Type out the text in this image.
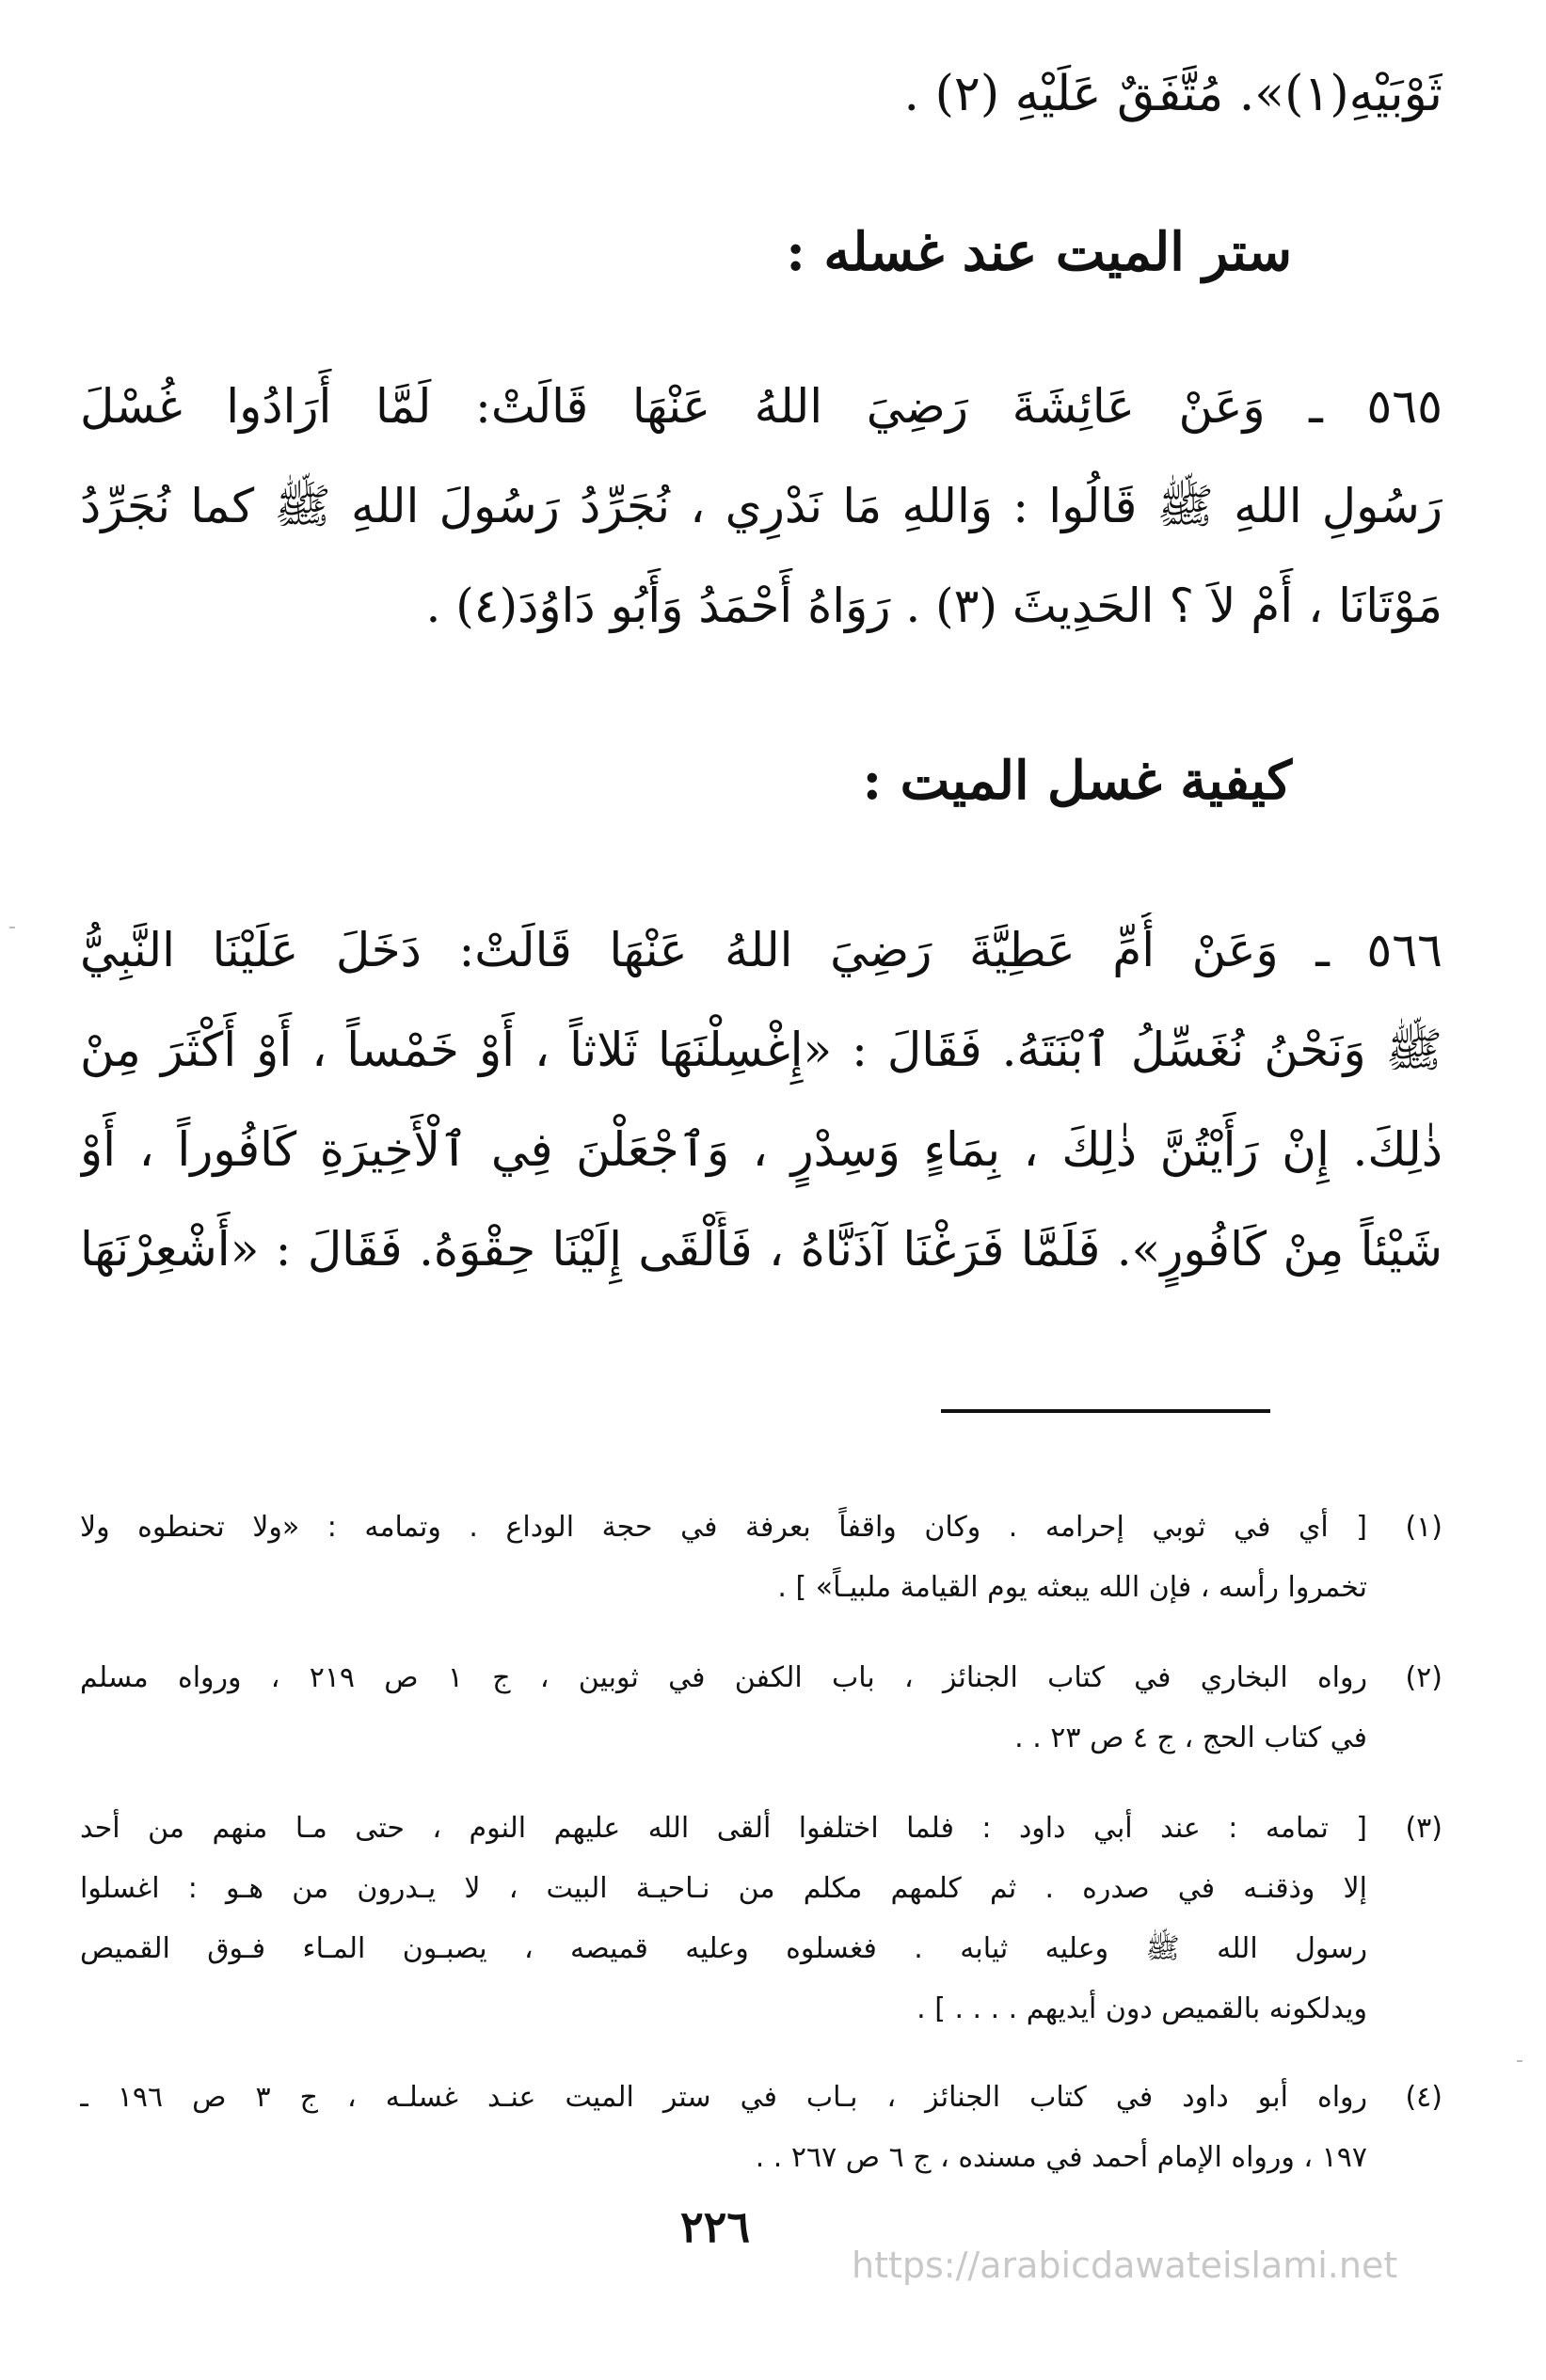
ثَوْبَيْهِ(١)». مُتَّفَقٌ عَلَيْهِ (٢) .
ستر الميت عند غسله :
٥٦٥ ـ وَعَنْ عَائِشَةَ رَضِيَ اللهُ عَنْهَا قَالَتْ: لَمَّا أَرَادُوا غُسْلَ
رَسُولِ اللهِ ﷺ قَالُوا : وَاللهِ مَا نَدْرِي ، نُجَرِّدُ رَسُولَ اللهِ ﷺ كما نُجَرِّدُ
مَوْتَانَا ، أَمْ لاَ ؟ الحَدِيثَ (٣) . رَوَاهُ أَحْمَدُ وَأَبُو دَاوُدَ(٤) .
كيفية غسل الميت :
٥٦٦ ـ وَعَنْ أُمِّ عَطِيَّةَ رَضِيَ اللهُ عَنْهَا قَالَتْ: دَخَلَ عَلَيْنَا النَّبِيُّ
ﷺ وَنَحْنُ نُغَسِّلُ ٱبْنَتَهُ. فَقَالَ : «إِغْسِلْنَهَا ثَلاثاً ، أَوْ خَمْساً ، أَوْ أَكْثَرَ مِنْ
ذٰلِكَ. إِنْ رَأَيْتُنَّ ذٰلِكَ ، بِمَاءٍ وَسِدْرٍ ، وَٱجْعَلْنَ فِي ٱلْأَخِيرَةِ كَافُوراً ، أَوْ
شَيْئاً مِنْ كَافُورٍ». فَلَمَّا فَرَغْنَا آذَنَّاهُ ، فَأَلْقَى إِلَيْنَا حِقْوَهُ. فَقَالَ : «أَشْعِرْنَهَا
(١)
[ أي في ثوبي إحرامه . وكان واقفاً بعرفة في حجة الوداع . وتمامه : «ولا تحنطوه ولا
تخمروا رأسه ، فإن الله يبعثه يوم القيامة ملبيـاً» ] .
(٢)
رواه البخاري في كتاب الجنائز ، باب الكفن في ثوبين ، ج ١ ص ٢١٩ ، ورواه مسلم
في كتاب الحج ، ج ٤ ص ٢٣ . .
(٣)
[ تمامه : عند أبي داود : فلما اختلفوا ألقى الله عليهم النوم ، حتى مـا منهم من أحد
إلا وذقنـه في صدره . ثم كلمهم مكلم من نـاحيـة البيت ، لا يـدرون من هـو : اغسلوا
رسول الله ﷺ وعليه ثيابه . فغسلوه وعليه قميصه ، يصبـون المـاء فـوق القميص
ويدلكونه بالقميص دون أيديهم . . . . ] .
(٤)
رواه أبو داود في كتاب الجنائز ، بـاب في ستر الميت عنـد غسلـه ، ج ٣ ص ١٩٦ ـ
١٩٧ ، ورواه الإمام أحمد في مسنده ، ج ٦ ص ٢٦٧ . .
٢٢٦
https://arabicdawateislami.net
